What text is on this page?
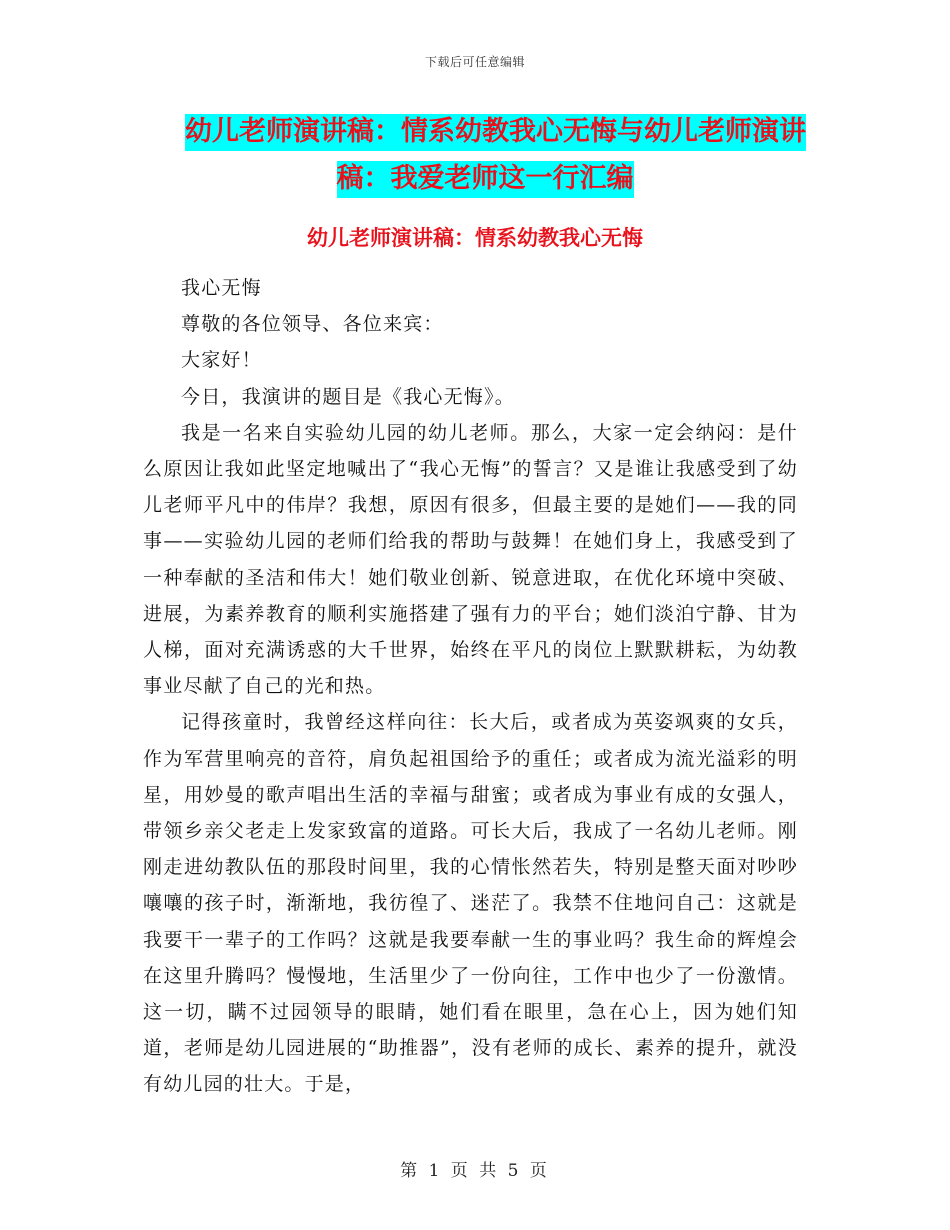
下载后可任意编辑
幼儿老师演讲稿：情系幼教我心无悔与幼儿老师演讲

稿：我爱老师这一行汇编
幼儿老师演讲稿：情系幼教我心无悔

我心无悔

尊敬的各位领导、各位来宾：

大家好！

今日，我演讲的题目是《我心无悔》。

我是一名来自实验幼儿园的幼儿老师。那么，大家一定会纳闷：是什么原因让我如此坚定地喊出了“我心无悔”的誓言？又是谁让我感受到了幼儿老师平凡中的伟岸？我想，原因有很多，但最主要的是她们——我的同事——实验幼儿园的老师们给我的帮助与鼓舞！在她们身上，我感受到了一种奉献的圣洁和伟大！她们敬业创新、锐意进取，在优化环境中突破、进展，为素养教育的顺利实施搭建了强有力的平台；她们淡泊宁静、甘为人梯，面对充满诱惑的大千世界，始终在平凡的岗位上默默耕耘，为幼教事业尽献了自己的光和热。

记得孩童时，我曾经这样向往：长大后，或者成为英姿飒爽的女兵，作为军营里响亮的音符，肩负起祖国给予的重任；或者成为流光溢彩的明星，用妙曼的歌声唱出生活的幸福与甜蜜；或者成为事业有成的女强人，带领乡亲父老走上发家致富的道路。可长大后，我成了一名幼儿老师。刚刚走进幼教队伍的那段时间里，我的心情怅然若失，特别是整天面对吵吵嚷嚷的孩子时，渐渐地，我彷徨了、迷茫了。我禁不住地问自己：这就是我要干一辈子的工作吗？这就是我要奉献一生的事业吗？我生命的辉煌会在这里升腾吗？慢慢地，生活里少了一份向往，工作中也少了一份激情。这一切，瞒不过园领导的眼睛，她们看在眼里，急在心上，因为她们知道，老师是幼儿园进展的“助推器”，没有老师的成长、素养的提升，就没有幼儿园的壮大。于是，

第 1 页 共 5 页
